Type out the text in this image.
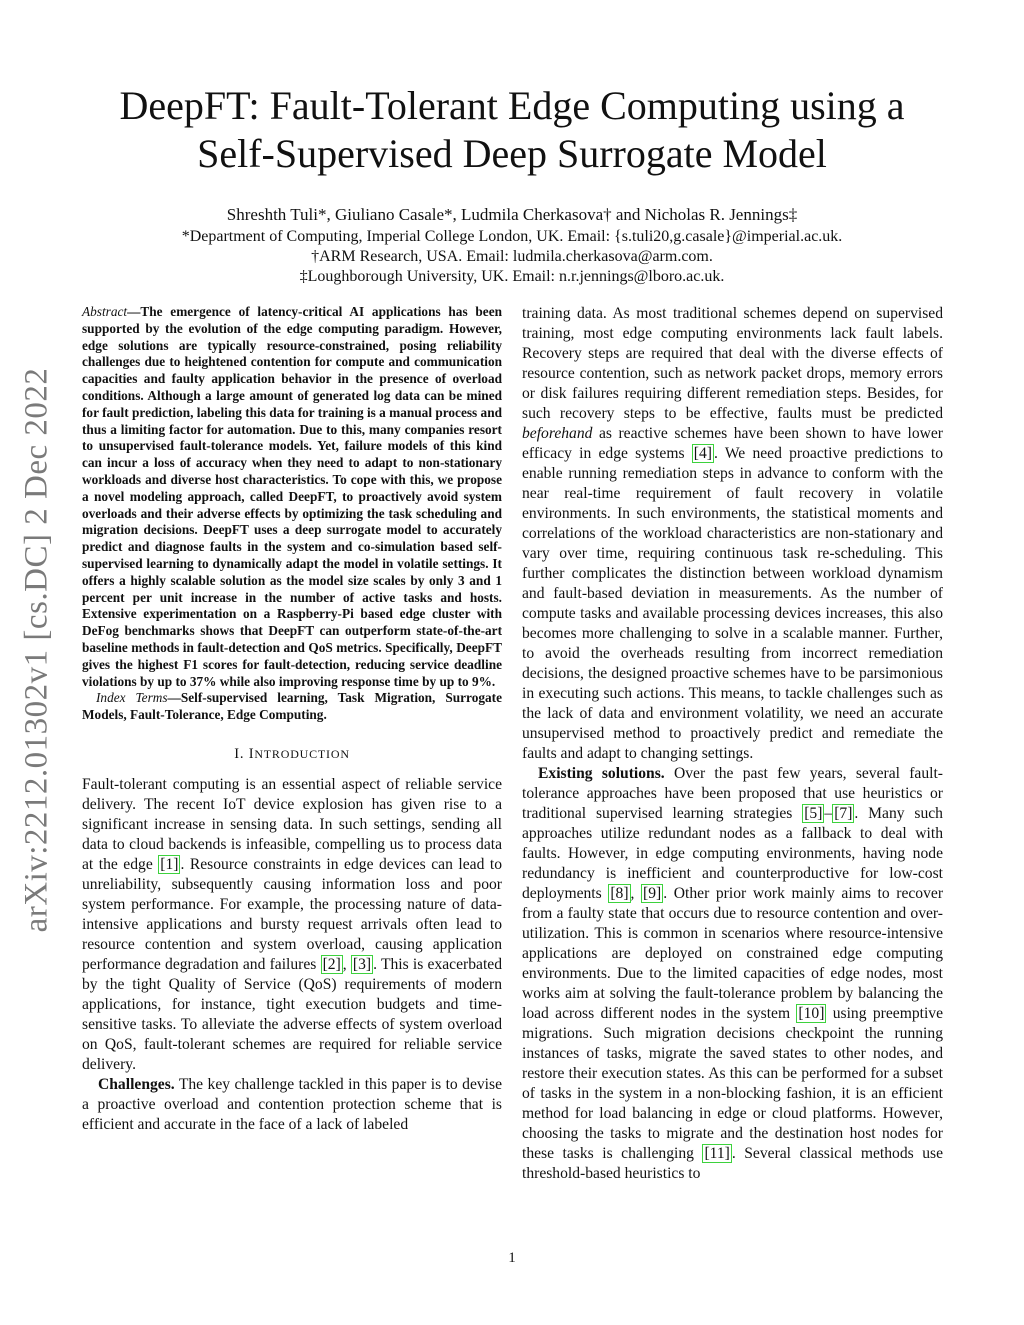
arXiv:2212.01302v1 [cs.DC] 2 Dec 2022
DeepFT: Fault-Tolerant Edge Computing using a
Self-Supervised Deep Surrogate Model
Shreshth Tuli*, Giuliano Casale*, Ludmila Cherkasova† and Nicholas R. Jennings‡
*Department of Computing, Imperial College London, UK. Email: {s.tuli20,g.casale}@imperial.ac.uk.
†ARM Research, USA. Email: ludmila.cherkasova@arm.com.
‡Loughborough University, UK. Email: n.r.jennings@lboro.ac.uk.

Abstract—The emergence of latency-critical AI applications has been supported by the evolution of the edge computing paradigm. However, edge solutions are typically resource-constrained, posing reliability challenges due to heightened contention for compute and communication capacities and faulty application behavior in the presence of overload conditions. Although a large amount of generated log data can be mined for fault prediction, labeling this data for training is a manual process and thus a limiting factor for automation. Due to this, many companies resort to unsupervised fault-tolerance models. Yet, failure models of this kind can incur a loss of accuracy when they need to adapt to non-stationary workloads and diverse host characteristics. To cope with this, we propose a novel modeling approach, called DeepFT, to proactively avoid system overloads and their adverse effects by optimizing the task scheduling and migration decisions. DeepFT uses a deep surrogate model to accurately predict and diagnose faults in the system and co-simulation based self-supervised learning to dynamically adapt the model in volatile settings. It offers a highly scalable solution as the model size scales by only 3 and 1 percent per unit increase in the number of active tasks and hosts. Extensive experimentation on a Raspberry-Pi based edge cluster with DeFog benchmarks shows that DeepFT can outperform state-of-the-art baseline methods in fault-detection and QoS metrics. Specifically, DeepFT gives the highest F1 scores for fault-detection, reducing service deadline violations by up to 37% while also improving response time by up to 9%.

Index Terms—Self-supervised learning, Task Migration, Surrogate Models, Fault-Tolerance, Edge Computing.

I. INTRODUCTION

Fault-tolerant computing is an essential aspect of reliable service delivery. The recent IoT device explosion has given rise to a significant increase in sensing data. In such settings, sending all data to cloud backends is infeasible, compelling us to process data at the edge [1] . Resource constraints in edge devices can lead to unreliability, subsequently causing information loss and poor system performance. For example, the processing nature of data-intensive applications and bursty request arrivals often lead to resource contention and system overload, causing application performance degradation and failures [2] , [3] . This is exacerbated by the tight Quality of Service (QoS) requirements of modern applications, for instance, tight execution budgets and time-sensitive tasks. To alleviate the adverse effects of system overload on QoS, fault-tolerant schemes are required for reliable service delivery.

Challenges. The key challenge tackled in this paper is to devise a proactive overload and contention protection scheme that is efficient and accurate in the face of a lack of labeled

training data. As most traditional schemes depend on supervised training, most edge computing environments lack fault labels. Recovery steps are required that deal with the diverse effects of resource contention, such as network packet drops, memory errors or disk failures requiring different remediation steps. Besides, for such recovery steps to be effective, faults must be predicted beforehand as reactive schemes have been shown to have lower efficacy in edge systems [4] . We need proactive predictions to enable running remediation steps in advance to conform with the near real-time requirement of fault recovery in volatile environments. In such environments, the statistical moments and correlations of the workload characteristics are non-stationary and vary over time, requiring continuous task re-scheduling. This further complicates the distinction between workload dynamism and fault-based deviation in measurements. As the number of compute tasks and available processing devices increases, this also becomes more challenging to solve in a scalable manner. Further, to avoid the overheads resulting from incorrect remediation decisions, the designed proactive schemes have to be parsimonious in executing such actions. This means, to tackle challenges such as the lack of data and environment volatility, we need an accurate unsupervised method to proactively predict and remediate the faults and adapt to changing settings.

Existing solutions. Over the past few years, several fault-tolerance approaches have been proposed that use heuristics or traditional supervised learning strategies [5] – [7] . Many such approaches utilize redundant nodes as a fallback to deal with faults. However, in edge computing environments, having node redundancy is inefficient and counterproductive for low-cost deployments [8] , [9] . Other prior work mainly aims to recover from a faulty state that occurs due to resource contention and over-utilization. This is common in scenarios where resource-intensive applications are deployed on constrained edge computing environments. Due to the limited capacities of edge nodes, most works aim at solving the fault-tolerance problem by balancing the load across different nodes in the system [10] using preemptive migrations. Such migration decisions checkpoint the running instances of tasks, migrate the saved states to other nodes, and restore their execution states. As this can be performed for a subset of tasks in the system in a non-blocking fashion, it is an efficient method for load balancing in edge or cloud platforms. However, choosing the tasks to migrate and the destination host nodes for these tasks is challenging [11] . Several classical methods use threshold-based heuristics to

1
